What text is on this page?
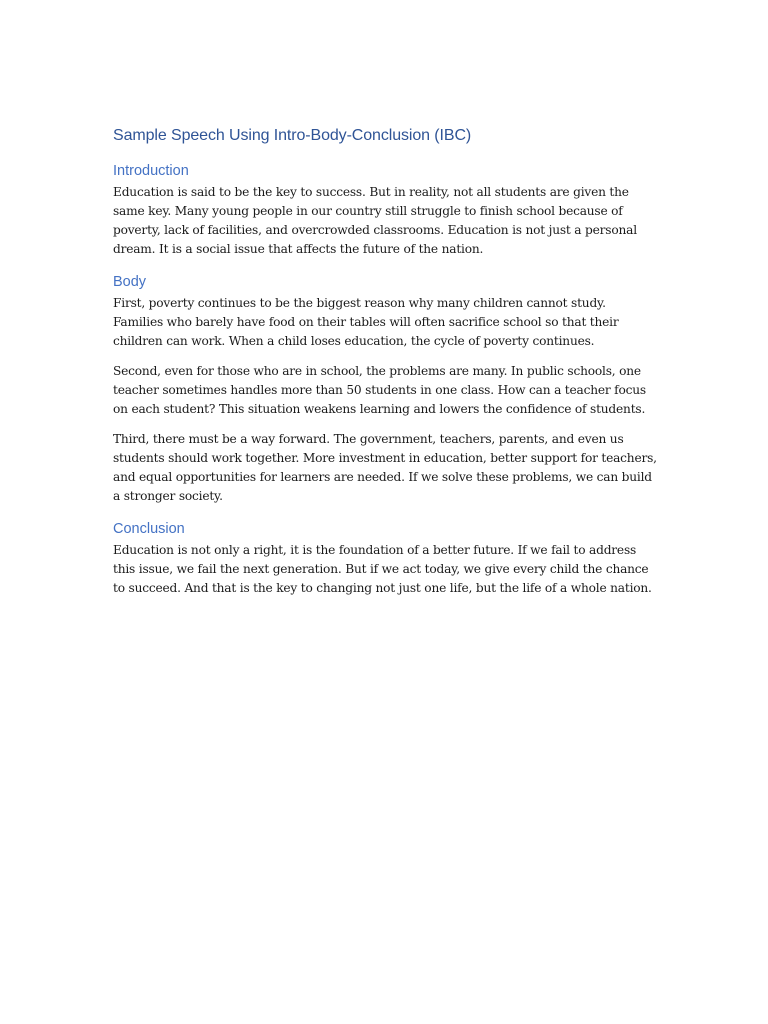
Sample Speech Using Intro-Body-Conclusion (IBC)
Introduction

Education is said to be the key to success. But in reality, not all students are given the same key. Many young people in our country still struggle to finish school because of poverty, lack of facilities, and overcrowded classrooms. Education is not just a personal dream. It is a social issue that affects the future of the nation.

Body

First, poverty continues to be the biggest reason why many children cannot study. Families who barely have food on their tables will often sacrifice school so that their children can work. When a child loses education, the cycle of poverty continues.

Second, even for those who are in school, the problems are many. In public schools, one teacher sometimes handles more than 50 students in one class. How can a teacher focus on each student? This situation weakens learning and lowers the confidence of students.

Third, there must be a way forward. The government, teachers, parents, and even us students should work together. More investment in education, better support for teachers, and equal opportunities for learners are needed. If we solve these problems, we can build a stronger society.

Conclusion

Education is not only a right, it is the foundation of a better future. If we fail to address this issue, we fail the next generation. But if we act today, we give every child the chance to succeed. And that is the key to changing not just one life, but the life of a whole nation.
